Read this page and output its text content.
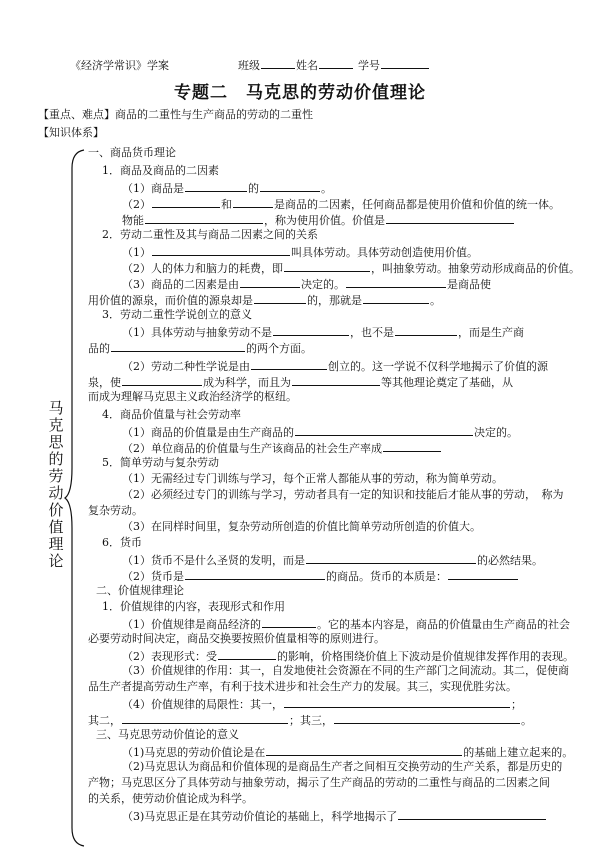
《经济学常识》学案	班级	姓名	学号
专题二　马克思的劳动价值理论
【重点、难点】商品的二重性与生产商品的劳动的二重性
【知识体系】
马克思的劳动价值理论
一、商品货币理论
1．商品及商品的二因素
（1）商品是	的	。
（2）	和	是商品的二因素，任何商品都是使用价值和价值的统一体。
物能	，称为使用价值。价值是
2．劳动二重性及其与商品二因素之间的关系
（1）	叫具体劳动。具体劳动创造使用价值。
（2）人的体力和脑力的耗费，即	，叫抽象劳动。抽象劳动形成商品的价值。
（3）商品的二因素是由	决定的。	是商品使
用价值的源泉，而价值的源泉却是	的，那就是	。
3．劳动二重性学说创立的意义
（1）具体劳动与抽象劳动不是	，也不是	，而是生产商
品的	的两个方面。
（2）劳动二种性学说是由	创立的。这一学说不仅科学地揭示了价值的源
泉，使	成为科学，而且为	等其他理论奠定了基础，从
而成为理解马克思主义政治经济学的枢纽。
4．商品价值量与社会劳动率
（1）商品的价值量是由生产商品的	决定的。
（2）单位商品的价值量与生产该商品的社会生产率成
5．简单劳动与复杂劳动
（1）无需经过专门训练与学习，每个正常人都能从事的劳动，称为简单劳动。
（2）必须经过专门的训练与学习，劳动者具有一定的知识和技能后才能从事的劳动，　称为
复杂劳动。
（3）在同样时间里，复杂劳动所创造的价值比简单劳动所创造的价值大。
6．货币
（1）货币不是什么圣贤的发明，而是	的必然结果。
（2）货币是	的商品。货币的本质是：
二、价值规律理论
1．价值规律的内容，表现形式和作用
（1）价值规律是商品经济的	。它的基本内容是，商品的价值量由生产商品的社会
必要劳动时间决定，商品交换要按照价值量相等的原则进行。
（2）表现形式：受	的影响，价格围绕价值上下波动是价值规律发挥作用的表现。
（3）价值规律的作用：其一，自发地使社会资源在不同的生产部门之间流动。其二，促使商
品生产者提高劳动生产率，有利于技术进步和社会生产力的发展。其三，实现优胜劣汰。
（4）价值规律的局限性：其一，	；
其二，	；其三，	。
三、马克思劳动价值论的意义
（1)马克思的劳动价值论是在	的基础上建立起来的。
（2)马克思认为商品和价值体现的是商品生产者之间相互交换劳动的生产关系，都是历史的
产物；马克思区分了具体劳动与抽象劳动，揭示了生产商品的劳动的二重性与商品的二因素之间
的关系，使劳动价值论成为科学。
（3)马克思正是在其劳动价值论的基础上，科学地揭示了
